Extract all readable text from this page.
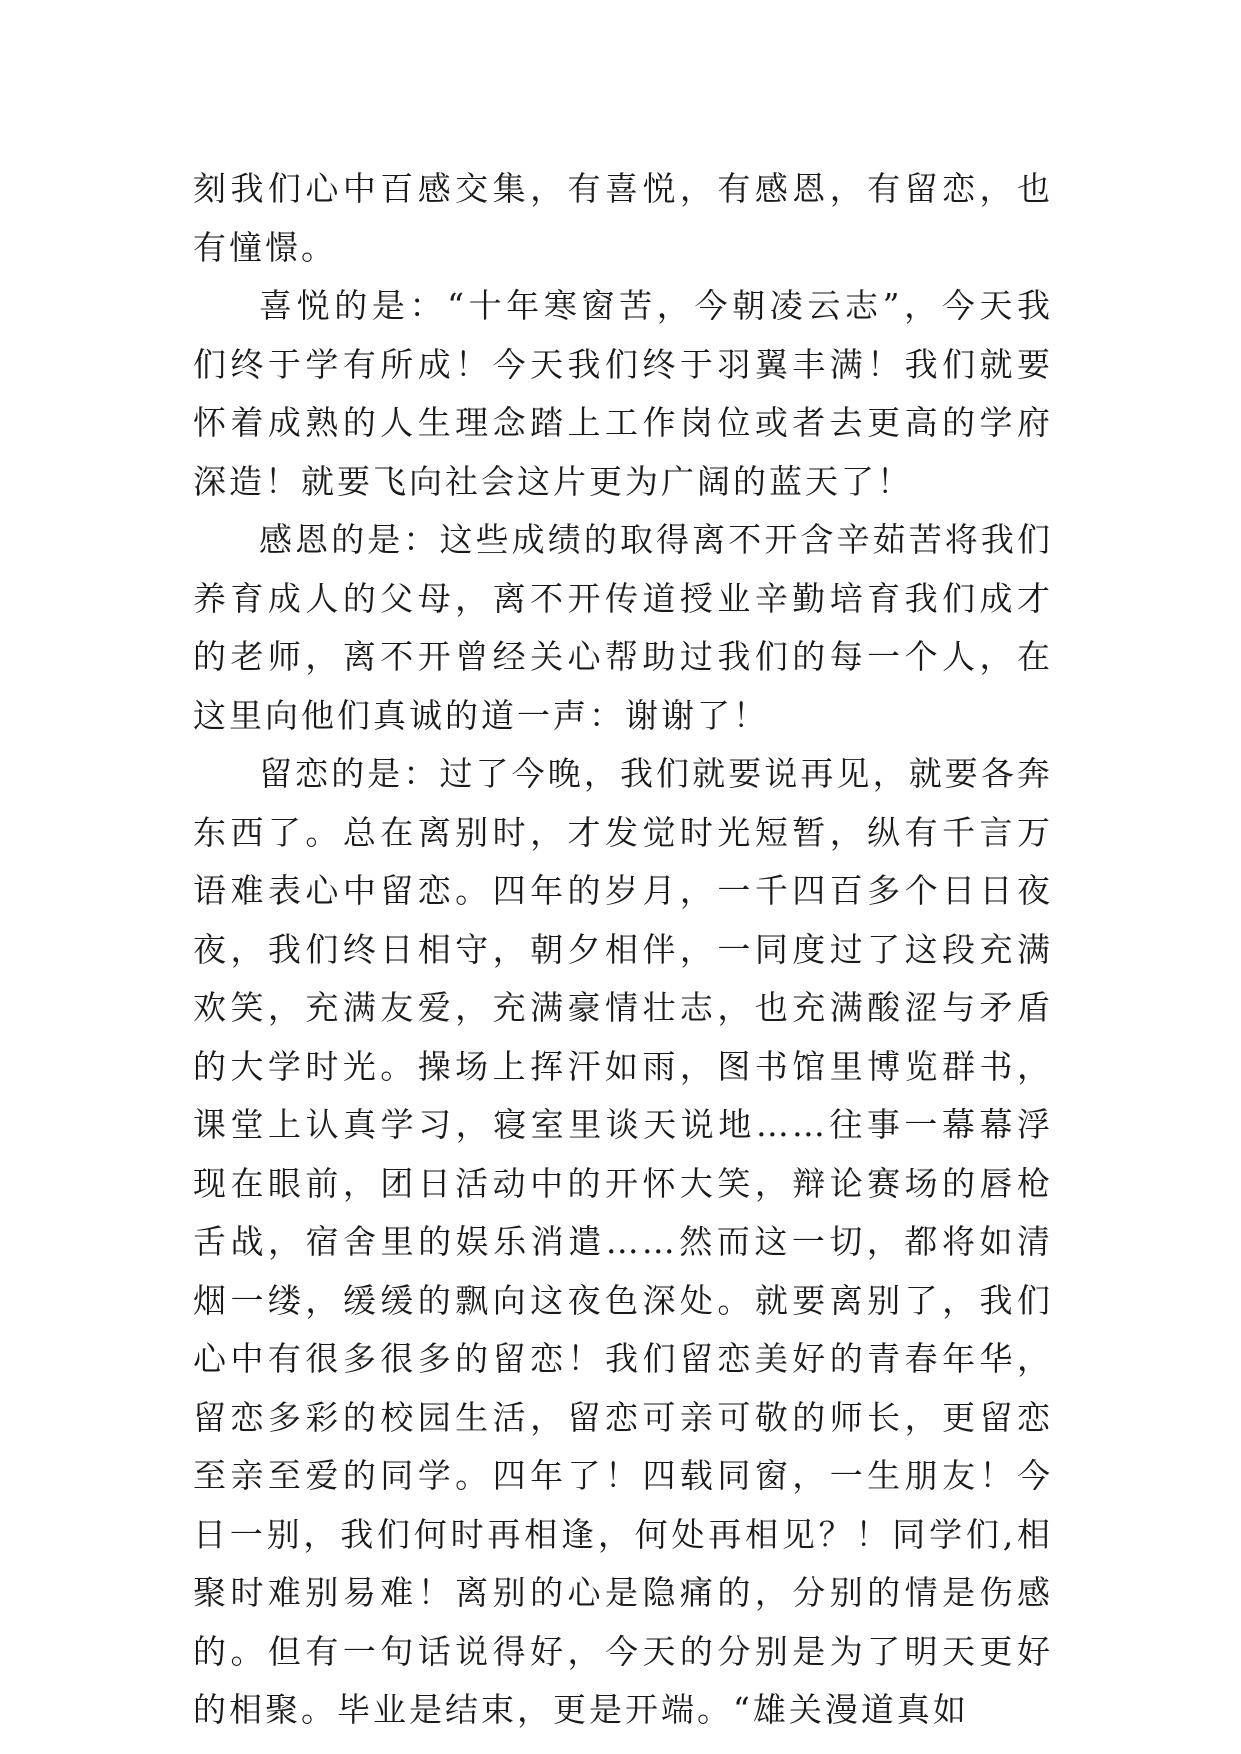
刻我们心中百感交集，有喜悦，有感恩，有留恋，也有憧憬。

喜悦的是：“十年寒窗苦，今朝凌云志”，今天我们终于学有所成！今天我们终于羽翼丰满！我们就要怀着成熟的人生理念踏上工作岗位或者去更高的学府深造！就要飞向社会这片更为广阔的蓝天了！

感恩的是：这些成绩的取得离不开含辛茹苦将我们养育成人的父母，离不开传道授业辛勤培育我们成才的老师，离不开曾经关心帮助过我们的每一个人，在这里向他们真诚的道一声：谢谢了！

留恋的是：过了今晚，我们就要说再见，就要各奔东西了。总在离别时，才发觉时光短暂，纵有千言万语难表心中留恋。四年的岁月，一千四百多个日日夜夜，我们终日相守，朝夕相伴，一同度过了这段充满欢笑，充满友爱，充满豪情壮志，也充满酸涩与矛盾的大学时光。操场上挥汗如雨，图书馆里博览群书，课堂上认真学习，寝室里谈天说地……往事一幕幕浮现在眼前，团日活动中的开怀大笑，辩论赛场的唇枪舌战，宿舍里的娱乐消遣……然而这一切，都将如清烟一缕，缓缓的飘向这夜色深处。就要离别了，我们心中有很多很多的留恋！我们留恋美好的青春年华，留恋多彩的校园生活，留恋可亲可敬的师长，更留恋至亲至爱的同学。四年了！四载同窗，一生朋友！今日一别，我们何时再相逢，何处再相见？！同学们,相聚时难别易难！离别的心是隐痛的，分别的情是伤感的。但有一句话说得好，今天的分别是为了明天更好的相聚。毕业是结束，更是开端。“雄关漫道真如
